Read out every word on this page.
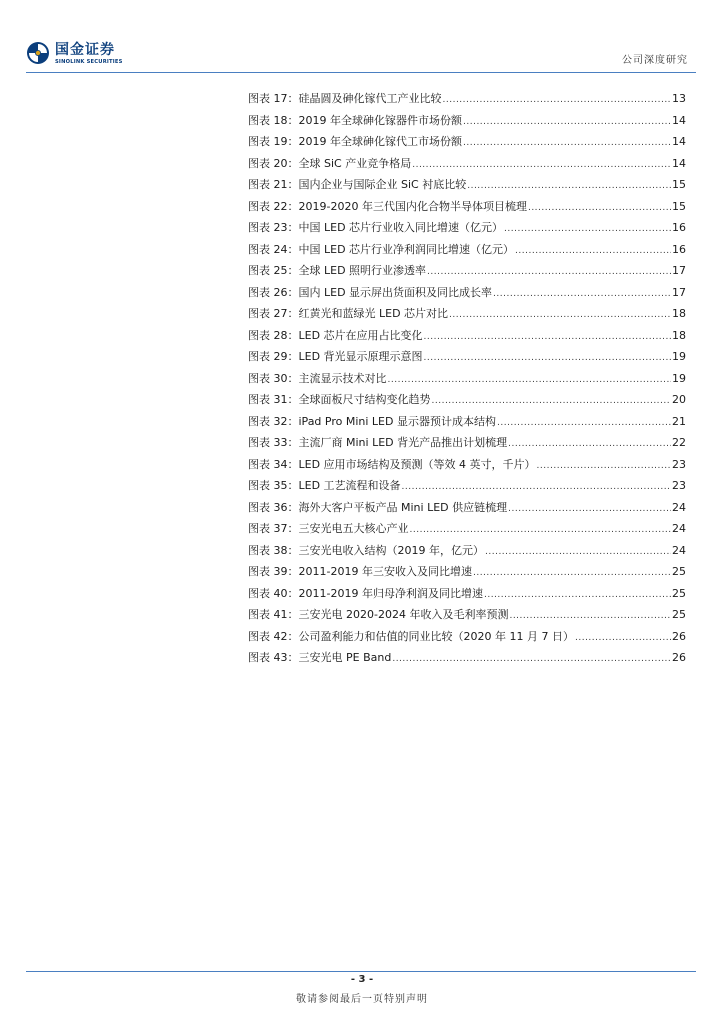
国金证券
SINOLINK SECURITIES	公司深度研究
图表 17： 硅晶圆及砷化镓代工产业比较 .....	13
图表 18： 2019 年全球砷化镓器件市场份额 .....	14
图表 19： 2019 年全球砷化镓代工市场份额 .....	14
图表 20： 全球 SiC 产业竞争格局 .....	14
图表 21： 国内企业与国际企业 SiC 衬底比较 .....	15
图表 22： 2019-2020 年三代国内化合物半导体项目梳理 .....	15
图表 23： 中国 LED 芯片行业收入同比增速（亿元） .....	16
图表 24： 中国 LED 芯片行业净利润同比增速（亿元） .....	16
图表 25： 全球 LED 照明行业渗透率 .....	17
图表 26： 国内 LED 显示屏出货面积及同比成长率 .....	17
图表 27： 红黄光和蓝绿光 LED 芯片对比 .....	18
图表 28： LED 芯片在应用占比变化 .....	18
图表 29： LED 背光显示原理示意图 .....	19
图表 30： 主流显示技术对比 .....	19
图表 31： 全球面板尺寸结构变化趋势 .....	20
图表 32： iPad Pro Mini LED 显示器预计成本结构 .....	21
图表 33： 主流厂商 Mini LED 背光产品推出计划梳理 .....	22
图表 34： LED 应用市场结构及预测（等效 4 英寸，千片） .....	23
图表 35： LED 工艺流程和设备 .....	23
图表 36： 海外大客户平板产品 Mini LED 供应链梳理 .....	24
图表 37： 三安光电五大核心产业 .....	24
图表 38： 三安光电收入结构（2019 年，亿元） .....	24
图表 39： 2011-2019 年三安收入及同比增速 .....	25
图表 40： 2011-2019 年归母净利润及同比增速 .....	25
图表 41： 三安光电 2020-2024 年收入及毛利率预测 .....	25
图表 42： 公司盈利能力和估值的同业比较（2020 年 11 月 7 日） .....	26
图表 43： 三安光电 PE Band .....	26
- 3 -
敬请参阅最后一页特别声明
